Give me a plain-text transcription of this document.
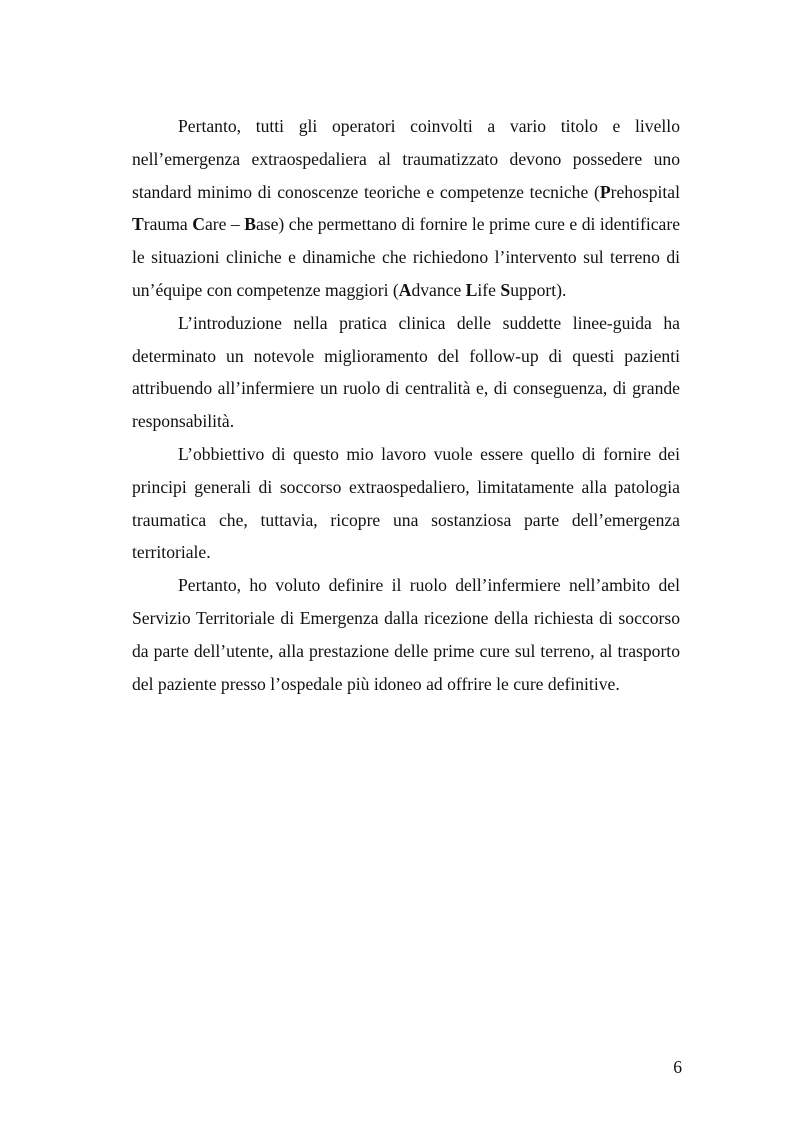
Pertanto, tutti gli operatori coinvolti a vario titolo e livello nell’emergenza extraospedaliera al traumatizzato devono possedere uno standard minimo di conoscenze teoriche e competenze tecniche (Prehospital Trauma Care – Base) che permettano di fornire le prime cure e di identificare le situazioni cliniche e dinamiche che richiedono l’intervento sul terreno di un’équipe con competenze maggiori (Advance Life Support).

L’introduzione nella pratica clinica delle suddette linee-guida ha determinato un notevole miglioramento del follow-up di questi pazienti attribuendo all’infermiere un ruolo di centralità e, di conseguenza, di grande responsabilità.

L’obbiettivo di questo mio lavoro vuole essere quello di fornire dei principi generali di soccorso extraospedaliero, limitatamente alla patologia traumatica che, tuttavia, ricopre una sostanziosa parte dell’emergenza territoriale.

Pertanto, ho voluto definire il ruolo dell’infermiere nell’ambito del Servizio Territoriale di Emergenza dalla ricezione della richiesta di soccorso da parte dell’utente, alla prestazione delle prime cure sul terreno, al trasporto del paziente presso l’ospedale più idoneo ad offrire le cure definitive.

6
